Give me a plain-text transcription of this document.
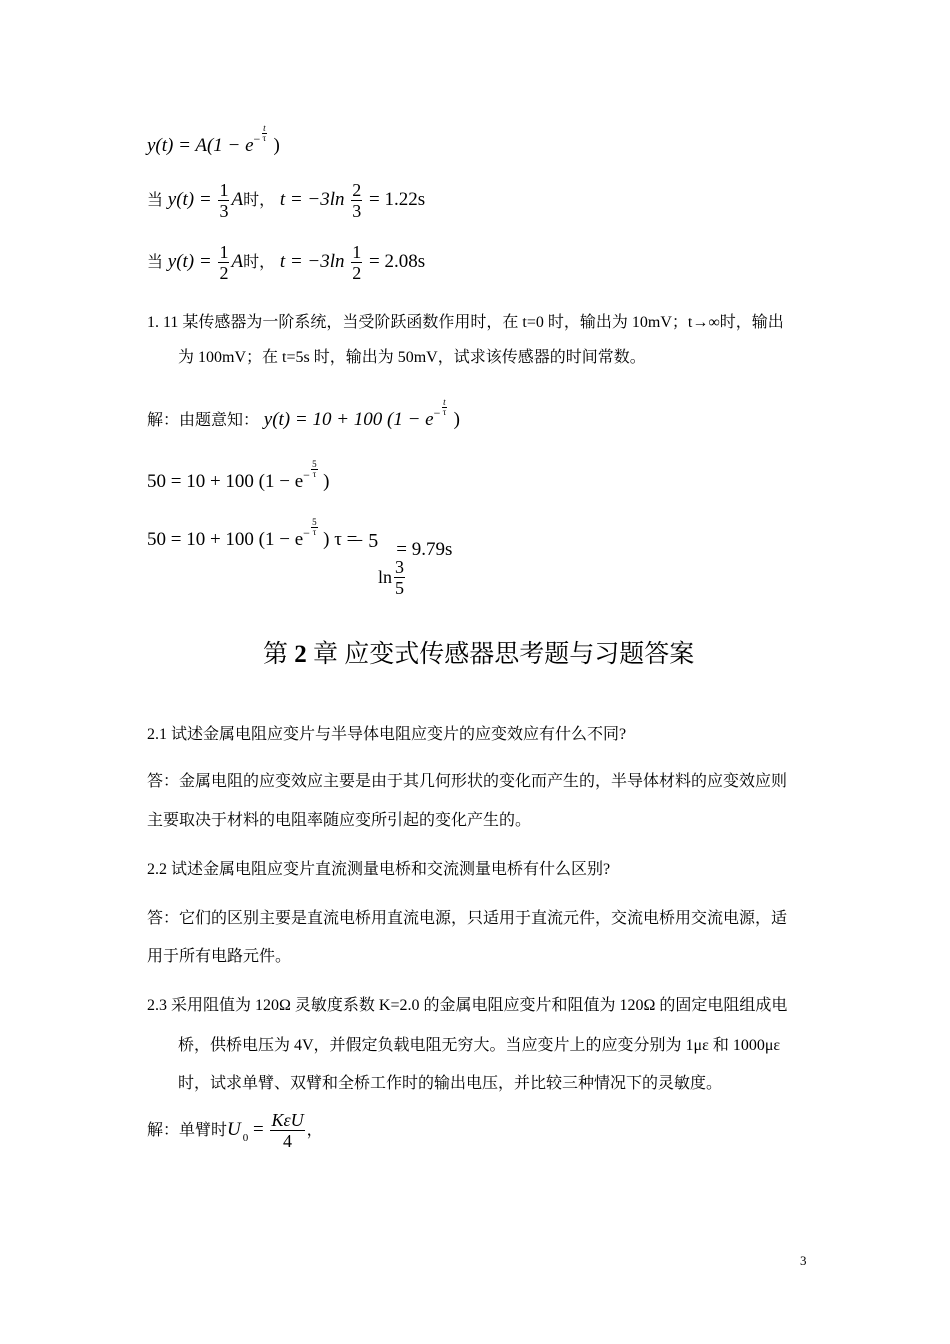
y(t) = A(1 − e −
t
τ )
当 $y(t) = \frac{1}{3}$ A时， $t = -3\ln \frac{2}{3} = 1.22s$
当 $y(t) = \frac{1}{2}$ A时， $t = -3\ln \frac{1}{2} = 2.08s$
1. 11 某传感器为一阶系统，当受阶跃函数作用时，在 t=0 时，输出为 10mV；t→∞时，输出
为 100mV；在 t=5s 时，输出为 50mV，试求该传感器的时间常数。
解：由题意知： y(t) = 10 + 100 (1 − e −
t
τ )
50 = 10 + 100 (1 − e −
5
τ )
50 = 10 + 100 (1 − e −
5
τ ) τ =
− 5 = 9.79s
$\ln \frac{3}{5}$
第 2 章 应变式传感器思考题与习题答案
2.1 试述金属电阻应变片与半导体电阻应变片的应变效应有什么不同?
答：金属电阻的应变效应主要是由于其几何形状的变化而产生的，半导体材料的应变效应则
主要取决于材料的电阻率随应变所引起的变化产生的。
2.2 试述金属电阻应变片直流测量电桥和交流测量电桥有什么区别?
答：它们的区别主要是直流电桥用直流电源，只适用于直流元件，交流电桥用交流电源，适
用于所有电路元件。
2.3 采用阻值为 120Ω 灵敏度系数 K=2.0 的金属电阻应变片和阻值为 120Ω 的固定电阻组成电
桥，供桥电压为 4V，并假定负载电阻无穷大。当应变片上的应变分别为 1με 和 1000με
时，试求单臂、双臂和全桥工作时的输出电压，并比较三种情况下的灵敏度。
解：单臂时U $_0 = \frac{\text{KεU}}{4}$ ，
3
